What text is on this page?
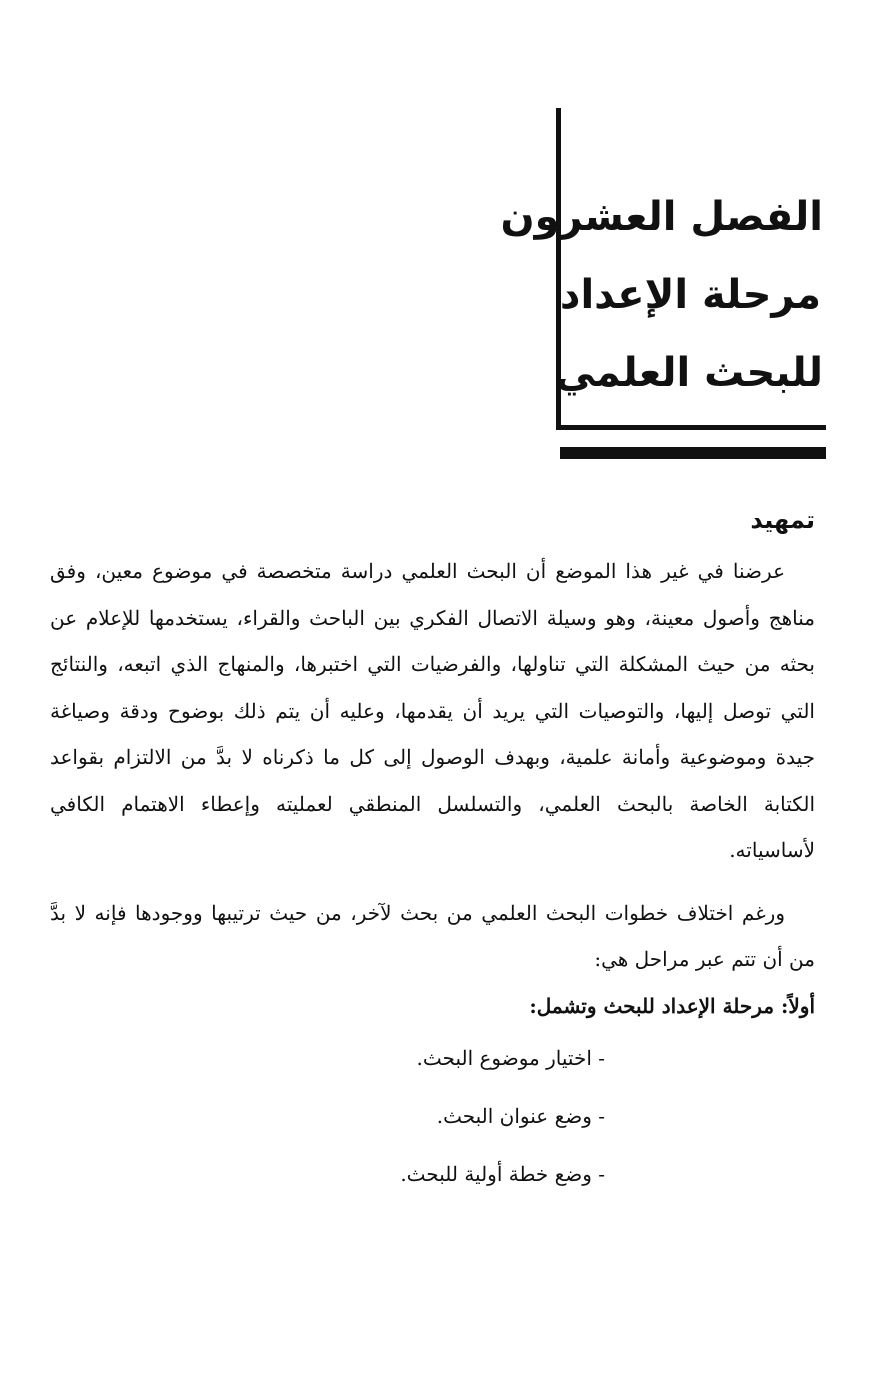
الفصل العشرون
مرحلة الإعداد
للبحث العلمي
تمهيد

عرضنا في غير هذا الموضع أن البحث العلمي دراسة متخصصة في موضوع معين، وفق مناهج وأصول معينة، وهو وسيلة الاتصال الفكري بين الباحث والقراء، يستخدمها للإعلام عن بحثه من حيث المشكلة التي تناولها، والفرضيات التي اختبرها، والمنهاج الذي اتبعه، والنتائج التي توصل إليها، والتوصيات التي يريد أن يقدمها، وعليه أن يتم ذلك بوضوح ودقة وصياغة جيدة وموضوعية وأمانة علمية، وبهدف الوصول إلى كل ما ذكرناه لا بدَّ من الالتزام بقواعد الكتابة الخاصة بالبحث العلمي، والتسلسل المنطقي لعمليته وإعطاء الاهتمام الكافي لأساسياته.

ورغم اختلاف خطوات البحث العلمي من بحث لآخر، من حيث ترتيبها ووجودها فإنه لا بدَّ من أن تتم عبر مراحل هي:

أولاً: مرحلة الإعداد للبحث وتشمل:

- اختيار موضوع البحث.
- وضع عنوان البحث.
- وضع خطة أولية للبحث.
